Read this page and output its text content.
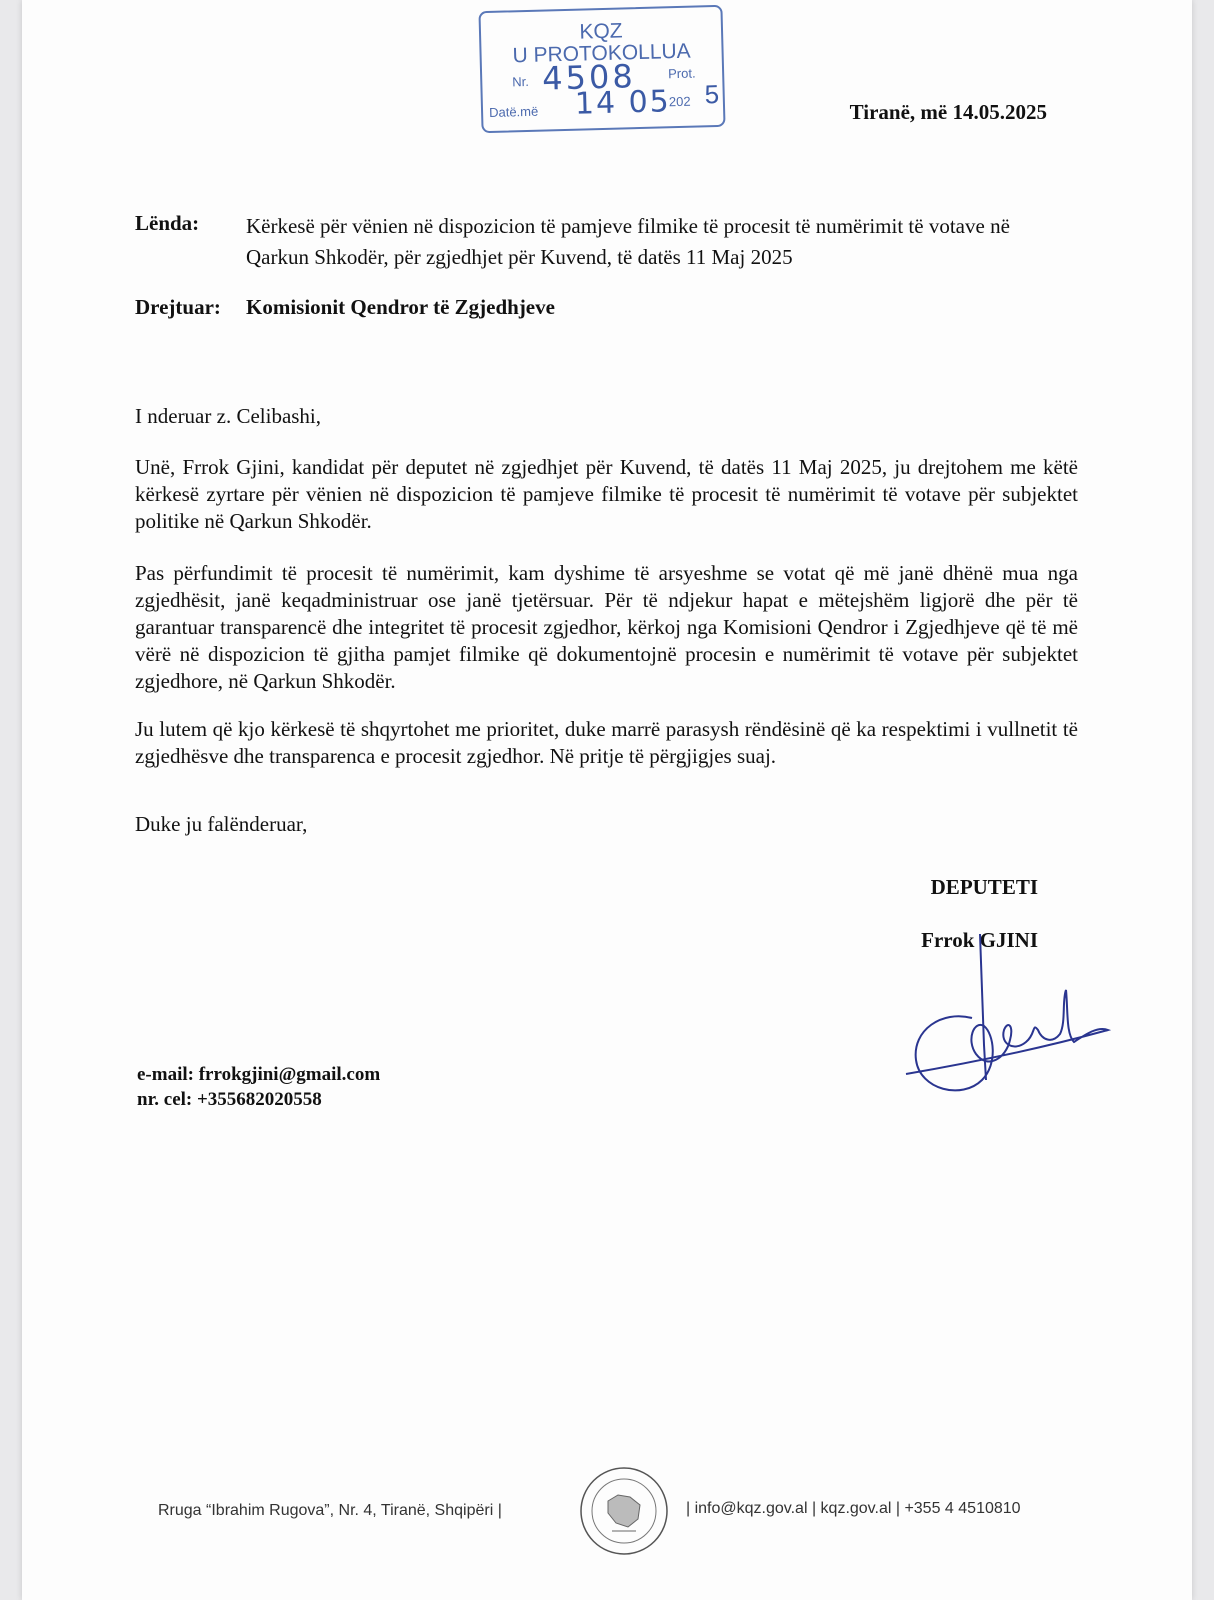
KQZ
U PROTOKOLLUA
Nr. 4508 Prot.
Datë.më 14 05
202 5
Tiranë, më 14.05.2025
Lënda: Kërkesë për vënien në dispozicion të pamjeve filmike të procesit të numërimit të votave në Qarkun Shkodër, për zgjedhjet për Kuvend, të datës 11 Maj 2025
Drejtuar: Komisionit Qendror të Zgjedhjeve
I nderuar z. Celibashi,
Unë, Frrok Gjini, kandidat për deputet në zgjedhjet për Kuvend, të datës 11 Maj 2025, ju drejtohem me këtë kërkesë zyrtare për vënien në dispozicion të pamjeve filmike të procesit të numërimit të votave për subjektet politike në Qarkun Shkodër.
Pas përfundimit të procesit të numërimit, kam dyshime të arsyeshme se votat që më janë dhënë mua nga zgjedhësit, janë keqadministruar ose janë tjetërsuar. Për të ndjekur hapat e mëtejshëm ligjorë dhe për të garantuar transparencë dhe integritet të procesit zgjedhor, kërkoj nga Komisioni Qendror i Zgjedhjeve që të më vërë në dispozicion të gjitha pamjet filmike që dokumentojnë procesin e numërimit të votave për subjektet zgjedhore, në Qarkun Shkodër.
Ju lutem që kjo kërkesë të shqyrtohet me prioritet, duke marrë parasysh rëndësinë që ka respektimi i vullnetit të zgjedhësve dhe transparenca e procesit zgjedhor. Në pritje të përgjigjes suaj.
Duke ju falënderuar,
DEPUTETI
Frrok GJINI
e-mail: frrokgjini@gmail.com
nr. cel: +355682020558
Rruga “Ibrahim Rugova”, Nr. 4, Tiranë, Shqipëri |	| info@kqz.gov.al | kqz.gov.al | +355 4 4510810
